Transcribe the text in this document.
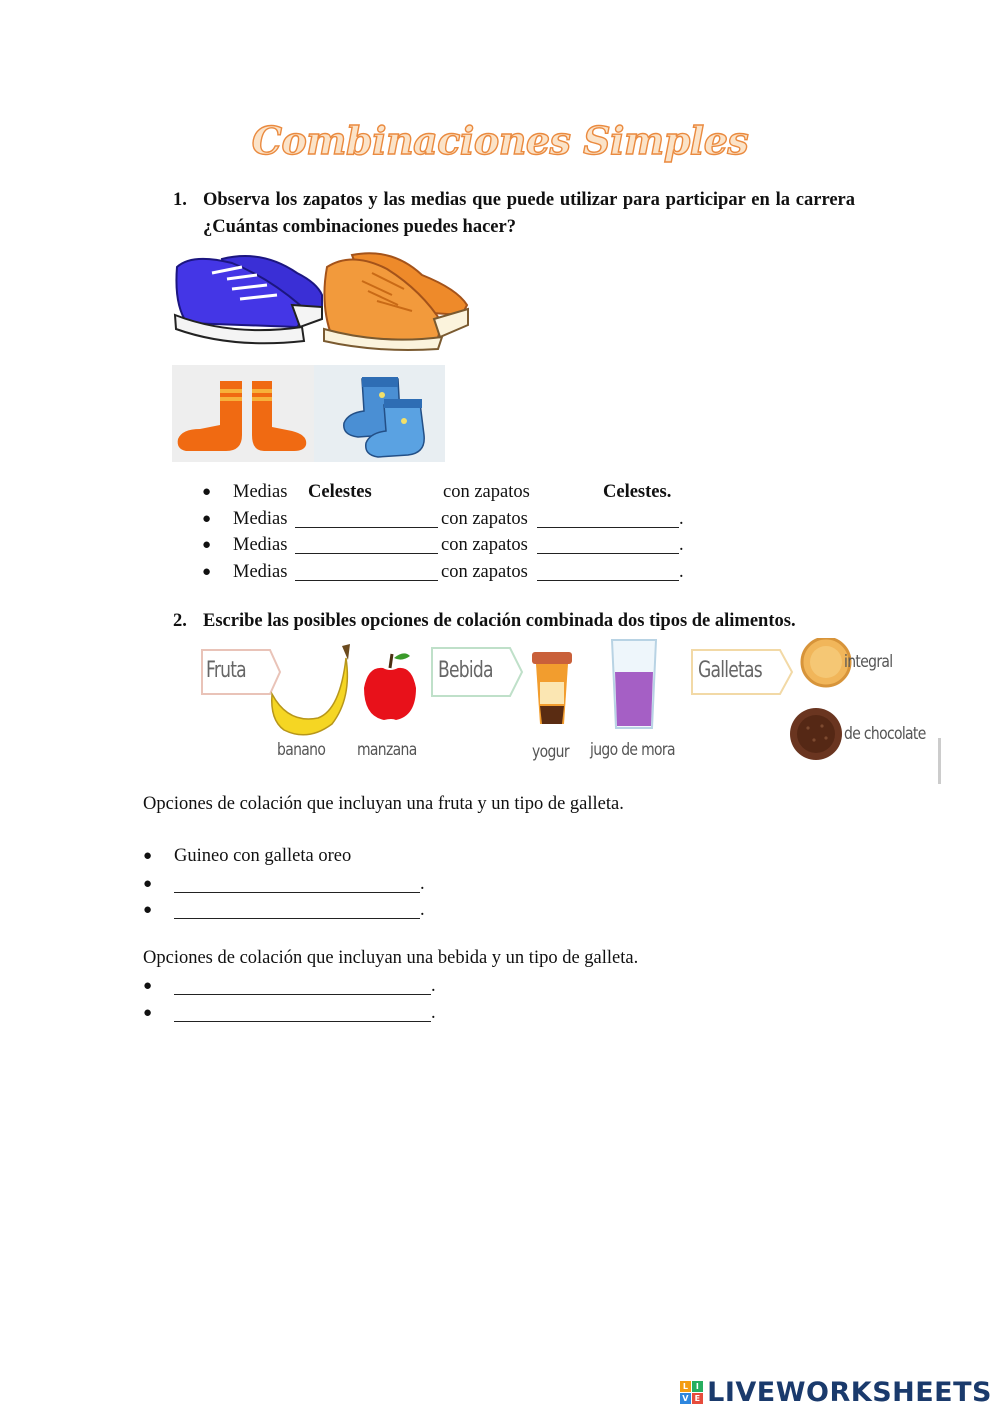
Combinaciones Simples
1. Observa los zapatos y las medias que puede utilizar para participar en la carrera ¿Cuántas combinaciones puedes hacer?
● Medias Celestes	con zapatos	Celestes.
● Medias	con zapatos	.
● Medias	con zapatos	.
● Medias	con zapatos	.
2. Escribe las posibles opciones de colación combinada dos tipos de alimentos.
Fruta	Bebida	Galletas
banano manzana	yogur jugo de mora
integral
de chocolate
Opciones de colación que incluyan una fruta y un tipo de galleta.
● Guineo con galleta oreo
●	.
●	.
Opciones de colación que incluyan una bebida y un tipo de galleta.
●	.
●	.
L I
V E LIVEWORKSHEETS
